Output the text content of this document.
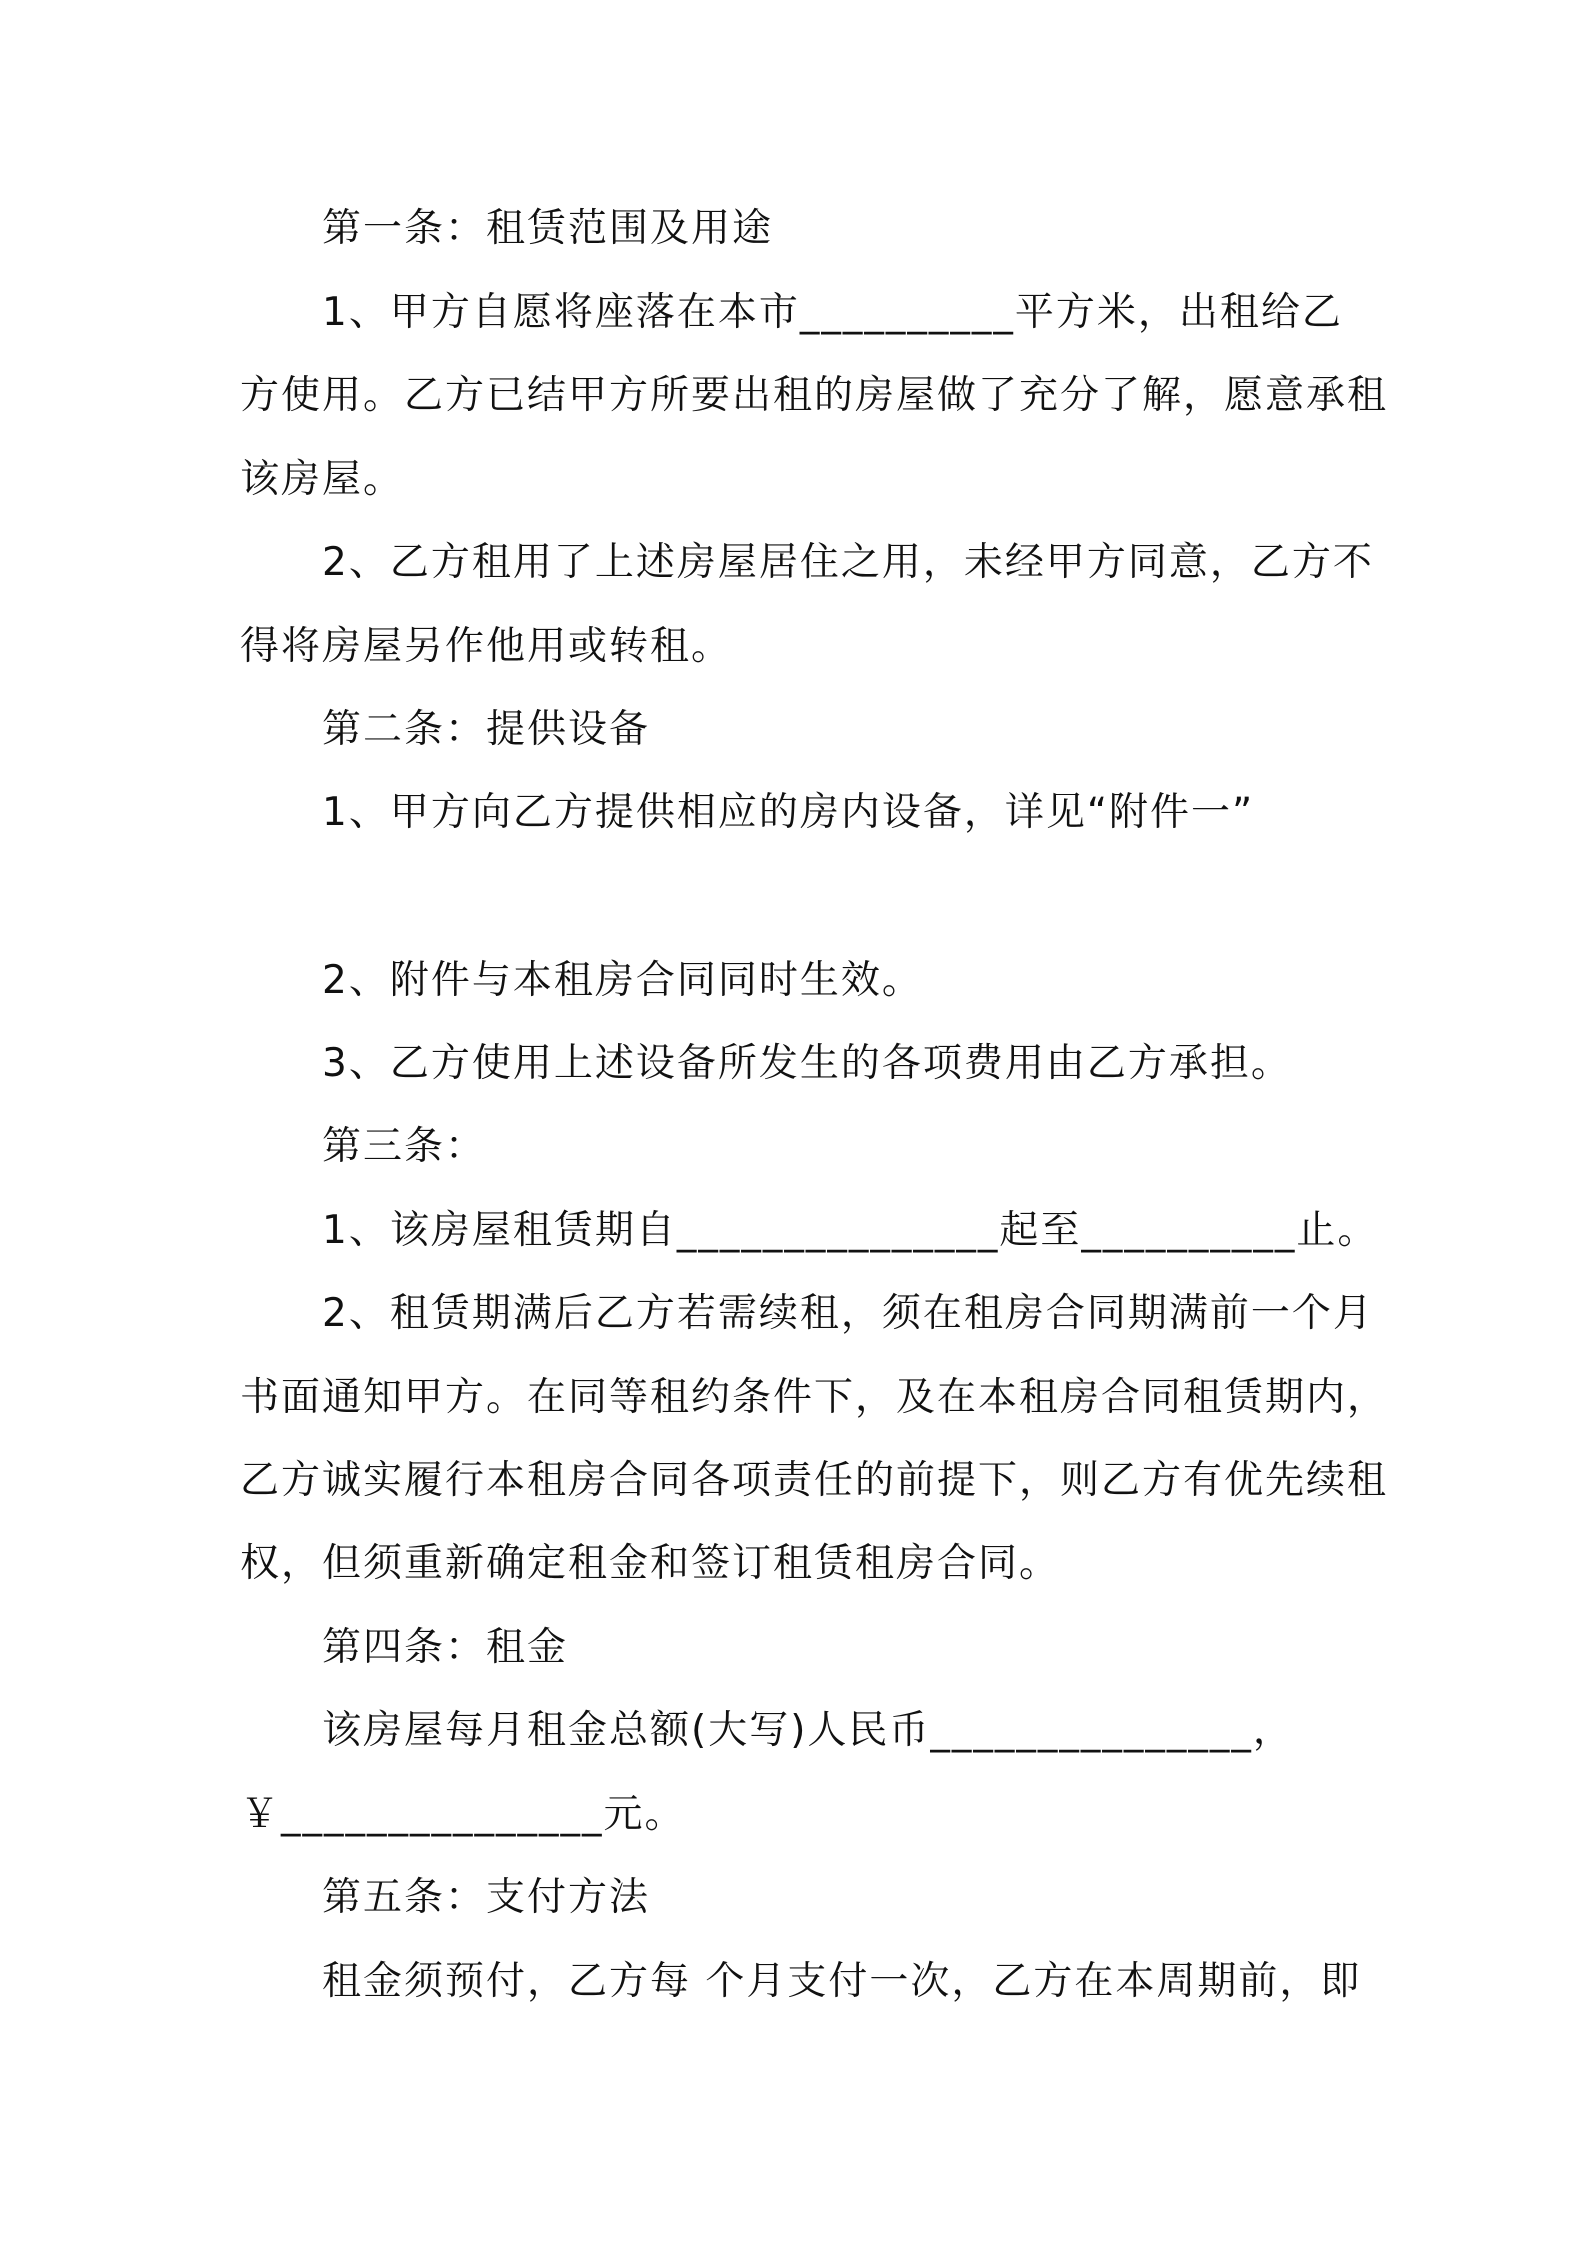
第一条：租赁范围及用途
1、甲方自愿将座落在本市__________平方米，出租给乙
方使用。乙方已结甲方所要出租的房屋做了充分了解，愿意承租
该房屋。
2、乙方租用了上述房屋居住之用，未经甲方同意，乙方不
得将房屋另作他用或转租。
第二条：提供设备
1、甲方向乙方提供相应的房内设备，详见“附件一”
2、附件与本租房合同同时生效。
3、乙方使用上述设备所发生的各项费用由乙方承担。
第三条：
1、该房屋租赁期自_______________起至__________止。
2、租赁期满后乙方若需续租，须在租房合同期满前一个月
书面通知甲方。在同等租约条件下，及在本租房合同租赁期内，
乙方诚实履行本租房合同各项责任的前提下，则乙方有优先续租
权，但须重新确定租金和签订租赁租房合同。
第四条：租金
该房屋每月租金总额(大写)人民币_______________，
￥_______________元。
第五条：支付方法
租金须预付，乙方每 个月支付一次，乙方在本周期前，即
